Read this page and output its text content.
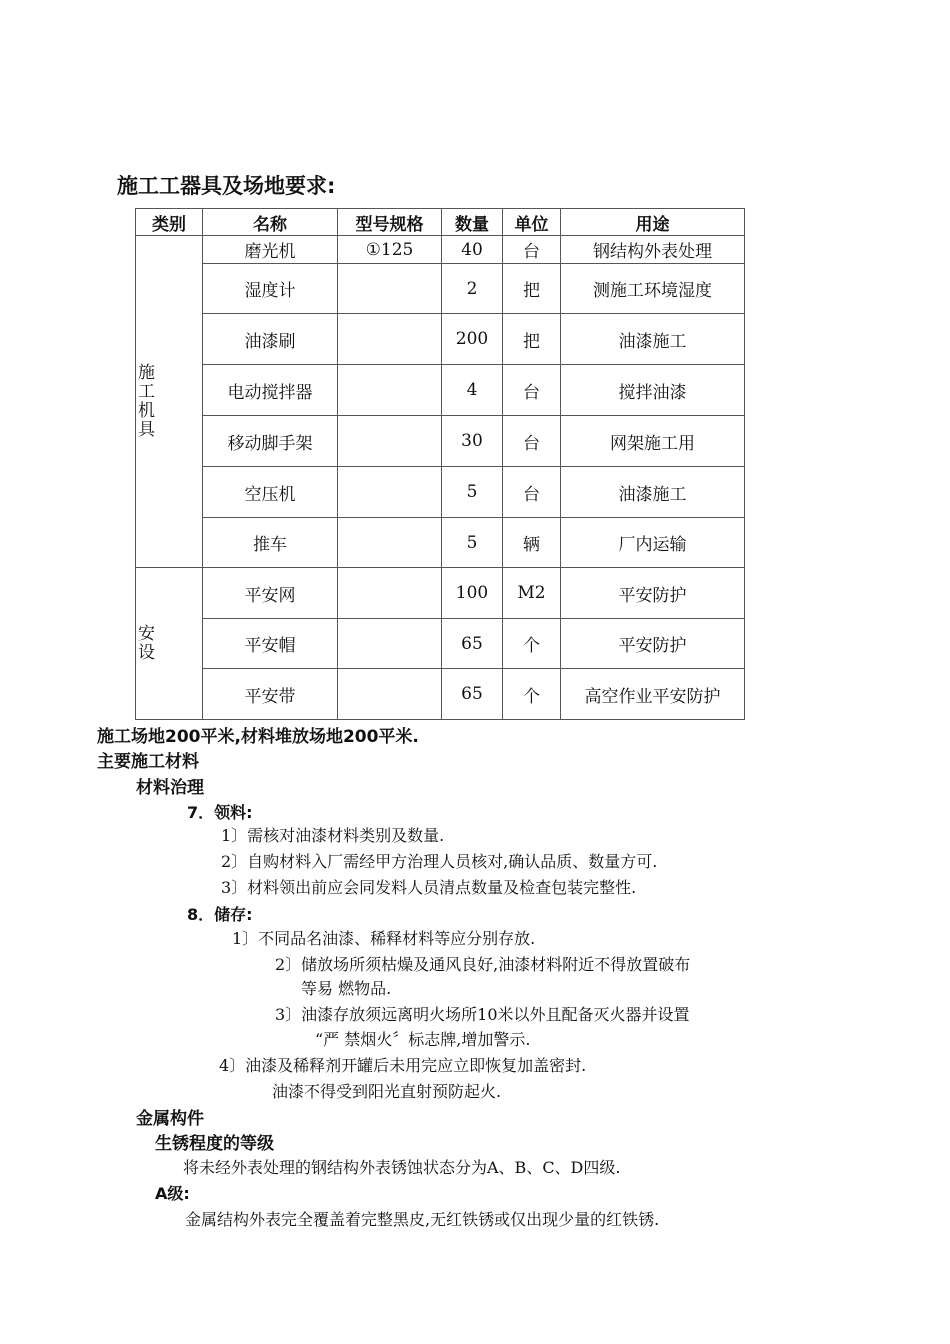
施工工器具及场地要求:
类别	名称	型号规格	数量	单位	用途

施
工
机
具	磨光机	①125	40	台	钢结构外表处理
	湿度计		2	把	测施工环境湿度
	油漆刷		200	把	油漆施工
	电动搅拌器		4	台	搅拌油漆
	移动脚手架		30	台	网架施工用
	空压机		5	台	油漆施工
	推车		5	辆	厂内运输

安
设	平安网		100	M2	平安防护
	平安帽		65	个	平安防护
	平安带		65	个	高空作业平安防护
施工场地200平米,材料堆放场地200平米.
主要施工材料
材料治理
7．领料:
1〕需核对油漆材料类别及数量.
2〕自购材料入厂需经甲方治理人员核对,确认品质、数量方可.
3〕材料领出前应会同发料人员清点数量及检查包装完整性.
8．储存:
1〕不同品名油漆、稀释材料等应分别存放.
2〕储放场所须枯燥及通风良好,油漆材料附近不得放置破布
等易 燃物品.
3〕油漆存放须远离明火场所10米以外且配备灭火器并设置
“严 禁烟火〞标志牌,增加警示.
4〕油漆及稀释剂开罐后未用完应立即恢复加盖密封.
油漆不得受到阳光直射预防起火.
金属构件
生锈程度的等级
将未经外表处理的钢结构外表锈蚀状态分为A、B、C、D四级.
A级:
金属结构外表完全覆盖着完整黑皮,无红铁锈或仅出现少量的红铁锈.
